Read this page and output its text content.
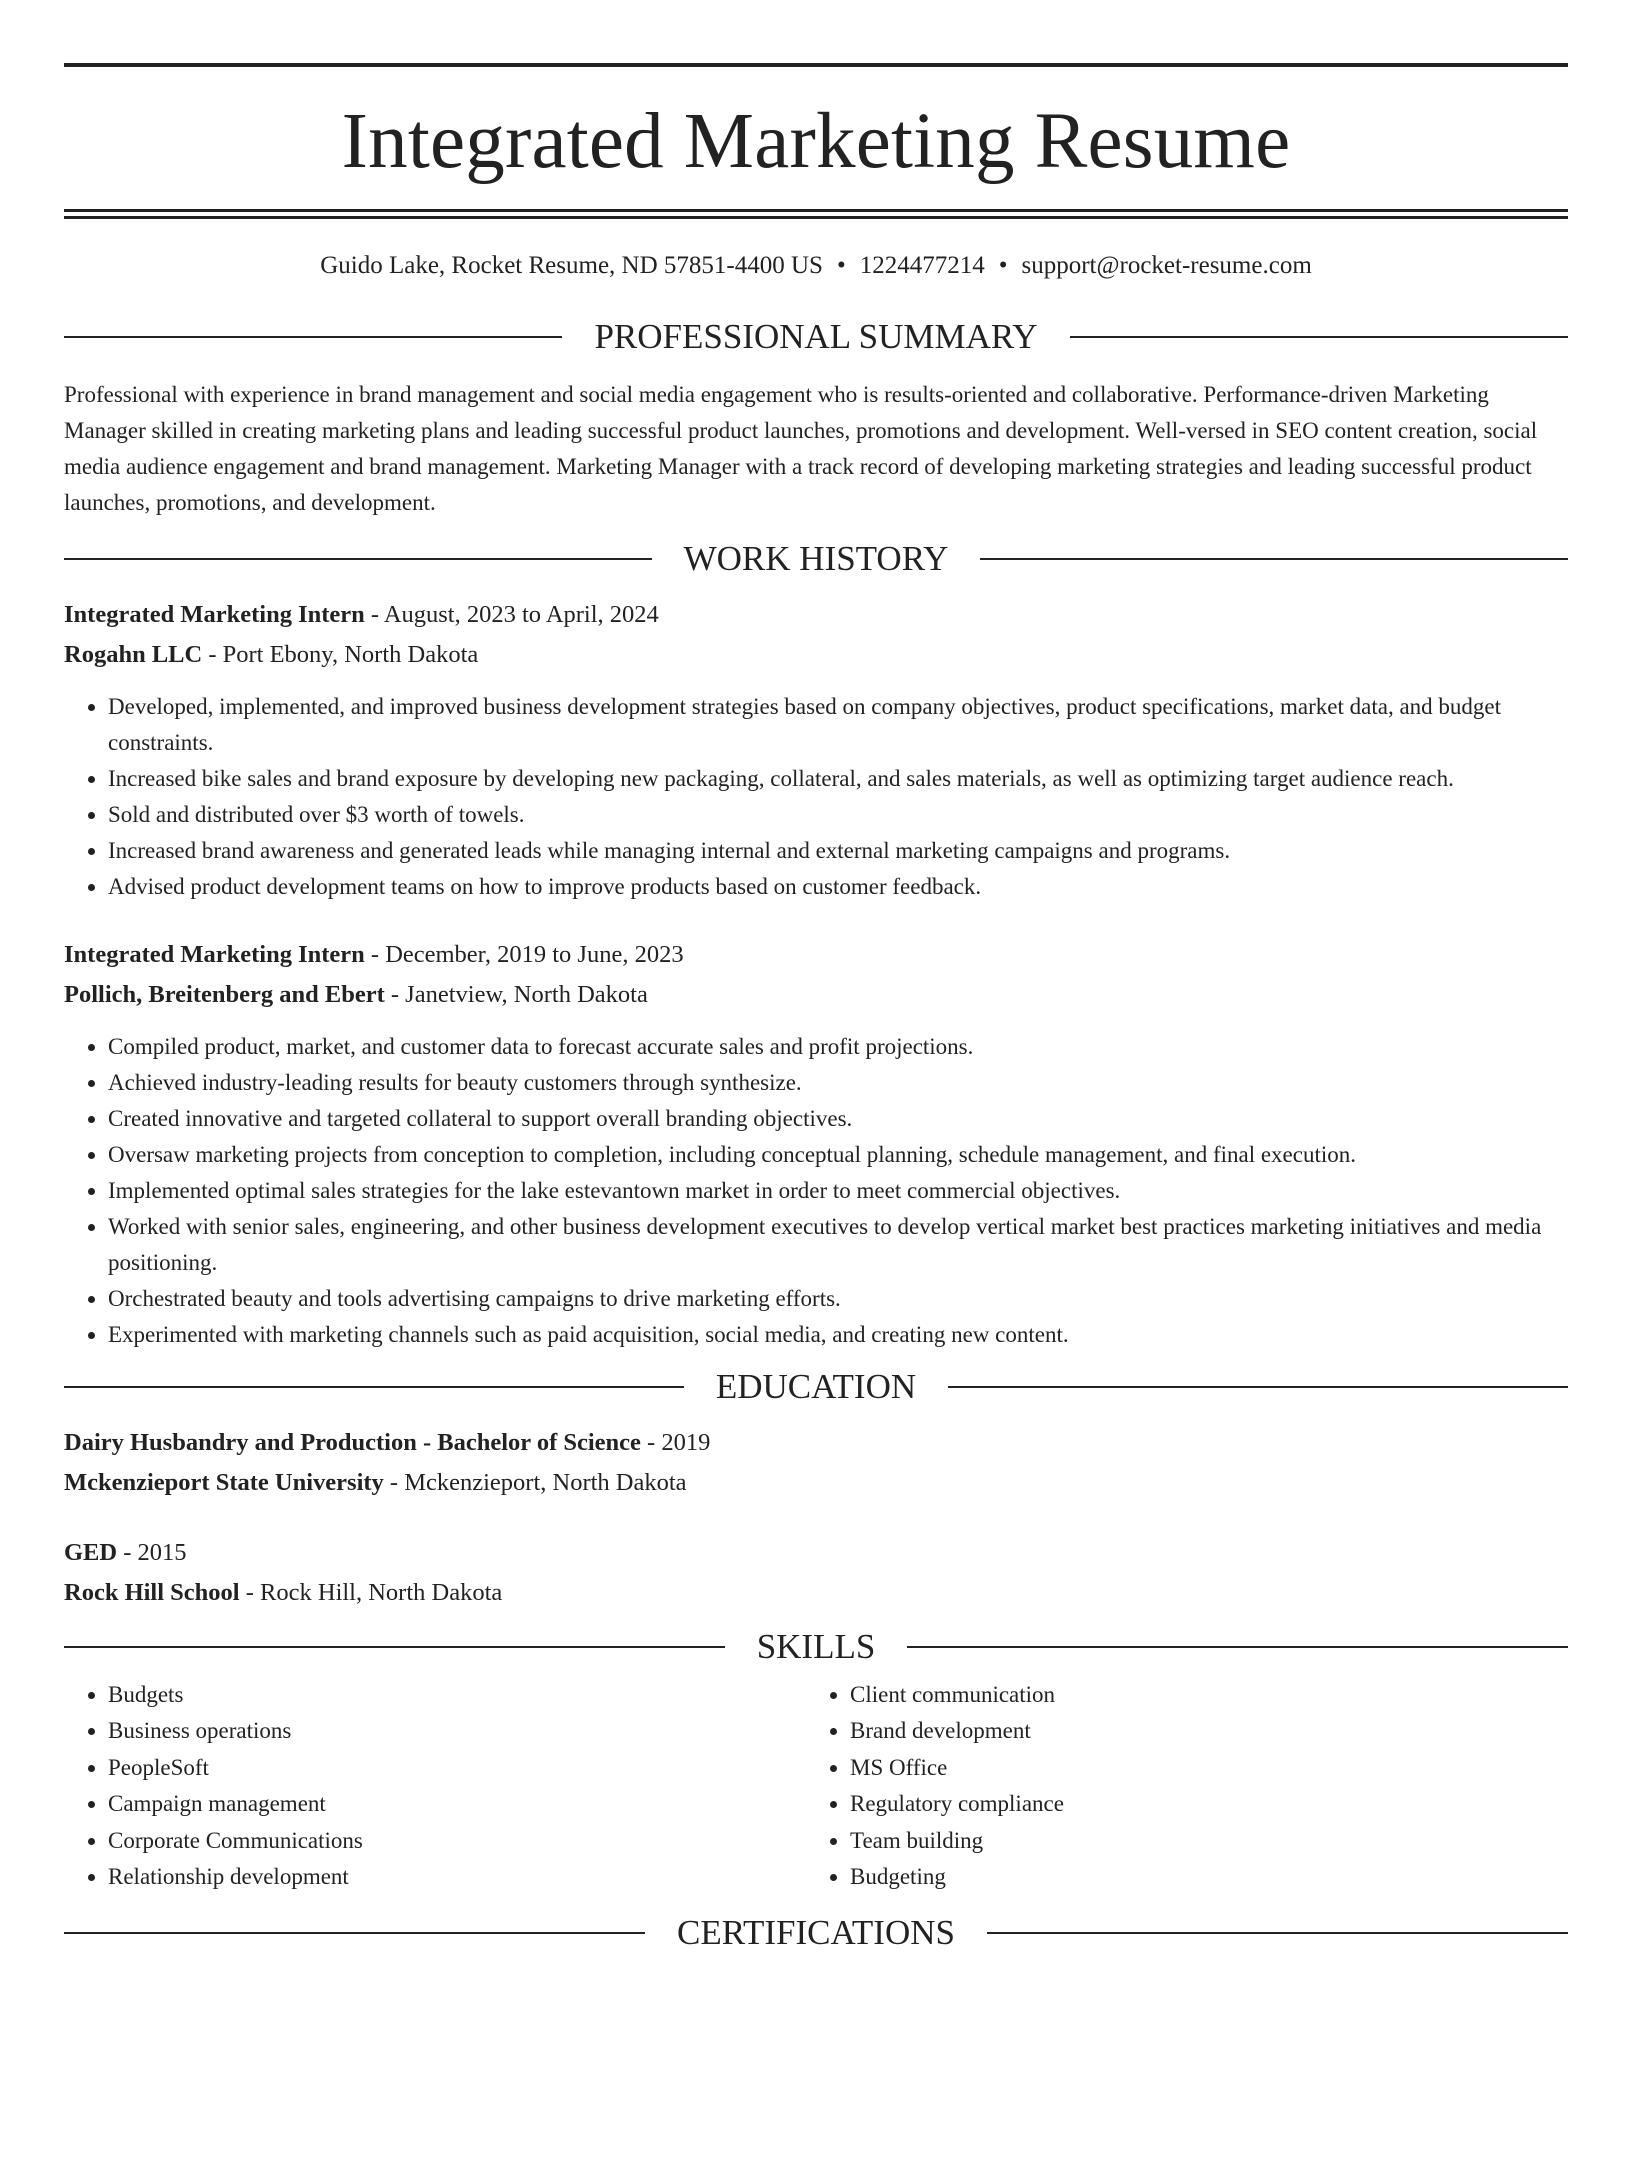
Integrated Marketing Resume
Guido Lake, Rocket Resume, ND 57851-4400 US • 1224477214 • support@rocket-resume.com
PROFESSIONAL SUMMARY

Professional with experience in brand management and social media engagement who is results-oriented and collaborative. Performance-driven Marketing Manager skilled in creating marketing plans and leading successful product launches, promotions and development. Well-versed in SEO content creation, social media audience engagement and brand management. Marketing Manager with a track record of developing marketing strategies and leading successful product launches, promotions, and development.

WORK HISTORY
Integrated Marketing Intern - August, 2023 to April, 2024
Rogahn LLC - Port Ebony, North Dakota
• Developed, implemented, and improved business development strategies based on company objectives, product specifications, market data, and budget constraints.
• Increased bike sales and brand exposure by developing new packaging, collateral, and sales materials, as well as optimizing target audience reach.
• Sold and distributed over $3 worth of towels.
• Increased brand awareness and generated leads while managing internal and external marketing campaigns and programs.
• Advised product development teams on how to improve products based on customer feedback.
Integrated Marketing Intern - December, 2019 to June, 2023
Pollich, Breitenberg and Ebert - Janetview, North Dakota
• Compiled product, market, and customer data to forecast accurate sales and profit projections.
• Achieved industry-leading results for beauty customers through synthesize.
• Created innovative and targeted collateral to support overall branding objectives.
• Oversaw marketing projects from conception to completion, including conceptual planning, schedule management, and final execution.
• Implemented optimal sales strategies for the lake estevantown market in order to meet commercial objectives.
• Worked with senior sales, engineering, and other business development executives to develop vertical market best practices marketing initiatives and media positioning.
• Orchestrated beauty and tools advertising campaigns to drive marketing efforts.
• Experimented with marketing channels such as paid acquisition, social media, and creating new content.
EDUCATION
Dairy Husbandry and Production - Bachelor of Science - 2019
Mckenzieport State University - Mckenzieport, North Dakota
GED - 2015
Rock Hill School - Rock Hill, North Dakota
SKILLS
• Budgets
• Business operations
• PeopleSoft
• Campaign management
• Corporate Communications
• Relationship development
• Client communication
• Brand development
• MS Office
• Regulatory compliance
• Team building
• Budgeting
CERTIFICATIONS
